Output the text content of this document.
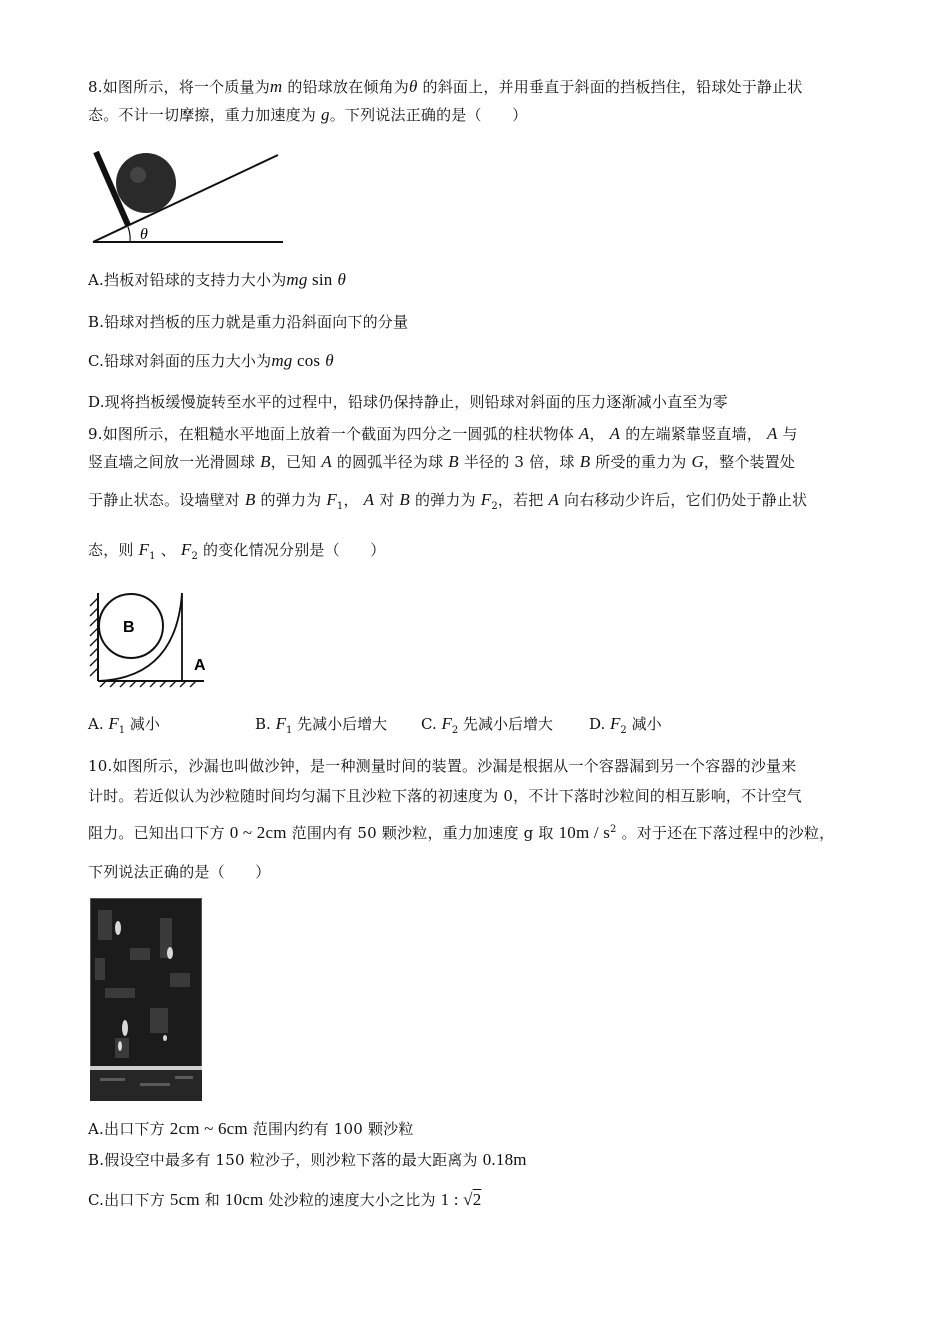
8.如图所示，将一个质量为m 的铅球放在倾角为θ 的斜面上，并用垂直于斜面的挡板挡住，铅球处于静止状
态。不计一切摩擦，重力加速度为 g。下列说法正确的是（　　）
θ
A.挡板对铅球的支持力大小为mg sin θ
B.铅球对挡板的压力就是重力沿斜面向下的分量
C.铅球对斜面的压力大小为mg cos θ
D.现将挡板缓慢旋转至水平的过程中，铅球仍保持静止，则铅球对斜面的压力逐渐减小直至为零
9.如图所示，在粗糙水平地面上放着一个截面为四分之一圆弧的柱状物体 A， A 的左端紧靠竖直墙， A 与
竖直墙之间放一光滑圆球 B，已知 A 的圆弧半径为球 B 半径的 3 倍，球 B 所受的重力为 G，整个装置处
于静止状态。设墙壁对 B 的弹力为 $F_1$， A 对 B 的弹力为 $F_2$，若把 A 向右移动少许后，它们仍处于静止状
态，则 $F_1$ 、 $F_2$ 的变化情况分别是（　　）
B
A
A. $F_1$ 减小	B. $F_1$ 先减小后增大 C. $F_2$ 先减小后增大 D. $F_2$ 减小
10.如图所示，沙漏也叫做沙钟，是一种测量时间的装置。沙漏是根据从一个容器漏到另一个容器的沙量来
计时。若近似认为沙粒随时间均匀漏下且沙粒下落的初速度为 0，不计下落时沙粒间的相互影响，不计空气
阻力。已知出口下方 0 ~ 2cm 范围内有 50 颗沙粒，重力加速度 g 取 $10m / s^2$ 。对于还在下落过程中的沙粒，
下列说法正确的是（　　）
A.出口下方 2cm ~ 6cm 范围内约有 100 颗沙粒
B.假设空中最多有 150 粒沙子，则沙粒下落的最大距离为 0.18m
C.出口下方 5cm 和 10cm 处沙粒的速度大小之比为 1 : √2
